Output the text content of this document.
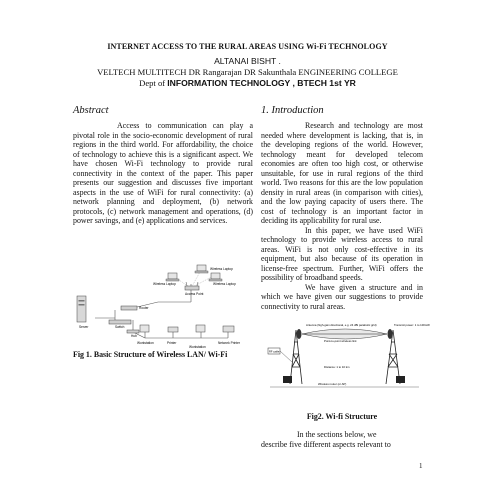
INTERNET ACCESS TO THE RURAL AREAS USING Wi-Fi TECHNOLOGY
ALTANAI BISHT .
VELTECH MULTITECH DR Rangarajan DR Sakunthala ENGINEERING COLLEGE
Dept of INFORMATION TECHNOLOGY , BTECH 1st YR
Abstract

Access to communication can play a pivotal role in the socio-economic development of rural regions in the third world. For affordability, the choice of technology to achieve this is a significant aspect. We have chosen Wi-Fi technology to provide rural connectivity in the context of the paper. This paper presents our suggestion and discusses five important aspects in the use of WiFi for rural connectivity: (a) network planning and deployment, (b) network protocols, (c) network management and operations, (d) power savings, and (e) applications and services.

Server	Switch
Router
Hub
Access Point
Wireless Laptop
Wireless Laptop	Wireless Laptop
Workstation	Printer
Workstation
Network Printer
Fig 1. Basic Structure of Wireless LAN/ Wi-Fi
1. Introduction

Research and technology are most needed where development is lacking, that is, in the developing regions of the world. However, technology meant for developed telecom economies are often too high cost, or otherwise unsuitable, for use in rural regions of the third world. Two reasons for this are the low population density in rural areas (in comparison with cities), and the low paying capacity of users there. The cost of technology is an important factor in deciding its applicability for rural use.

In this paper, we have used WiFi technology to provide wireless access to rural areas. WiFi is not only cost-effective in its equipment, but also because of its operation in license-free spectrum. Further, WiFi offers the possibility of broadband speeds.

We have given a structure and in which we have given our suggestions to provide connectivity to rural areas.

Antenna (high-gain directional, e.g. 24 dBi parabolic grid)	Transmit power: 1 to 100mW
Point-to-point wireless link
RF cable
Wireless router (or AP)
Distance: 1 to 10 km
Fig2. Wi-fi Structure
In the sections below, we
describe five different aspects relevant to
1
